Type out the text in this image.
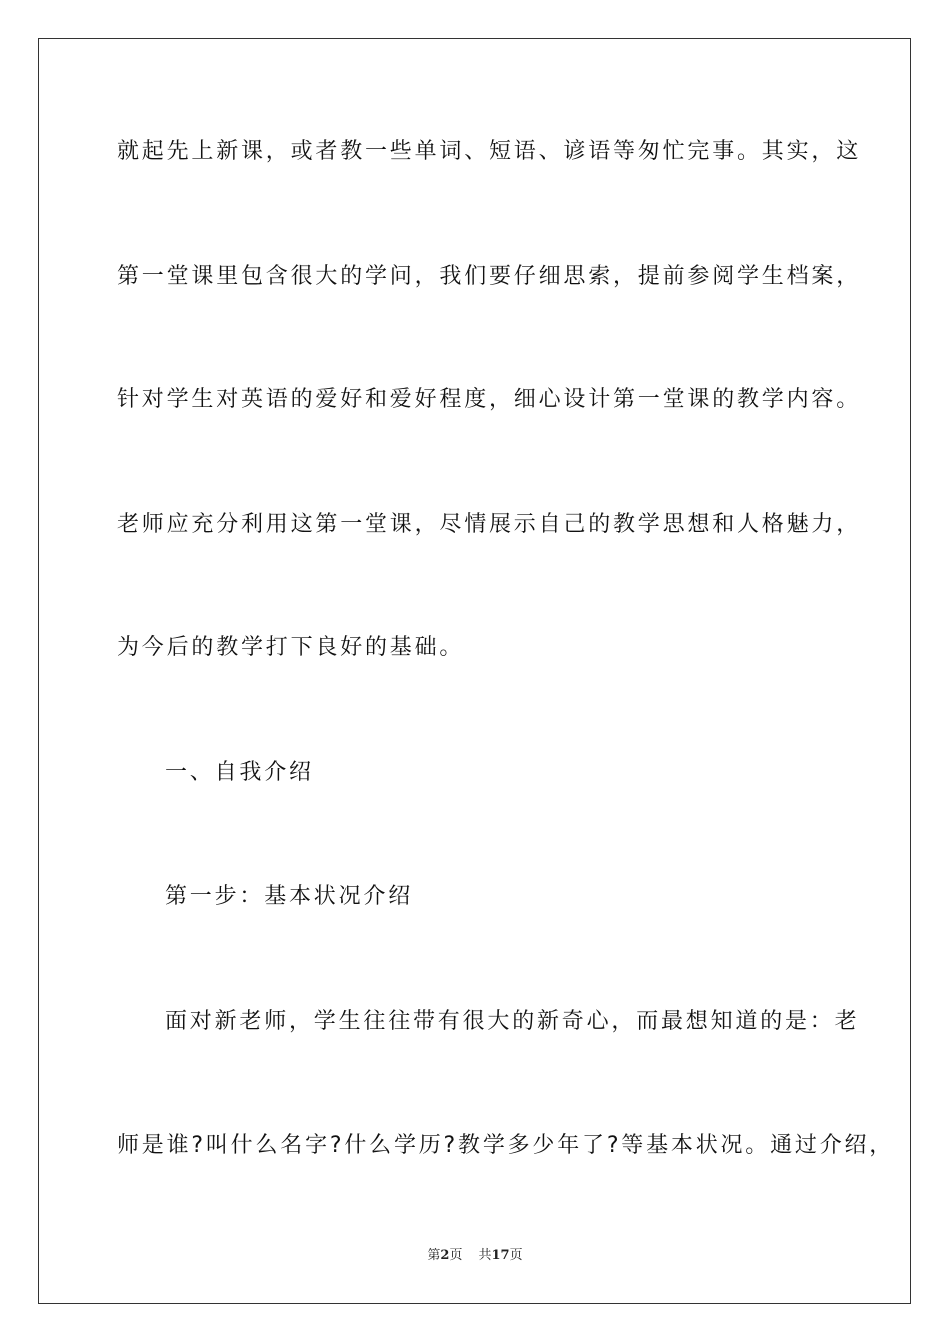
就起先上新课，或者教一些单词、短语、谚语等匆忙完事。其实，这
第一堂课里包含很大的学问，我们要仔细思索，提前参阅学生档案，
针对学生对英语的爱好和爱好程度，细心设计第一堂课的教学内容。
老师应充分利用这第一堂课，尽情展示自己的教学思想和人格魅力，
为今后的教学打下良好的基础。
一、自我介绍
第一步：基本状况介绍
面对新老师，学生往往带有很大的新奇心，而最想知道的是：老
师是谁?叫什么名字?什么学历?教学多少年了?等基本状况。通过介绍，
第2页 共17页
